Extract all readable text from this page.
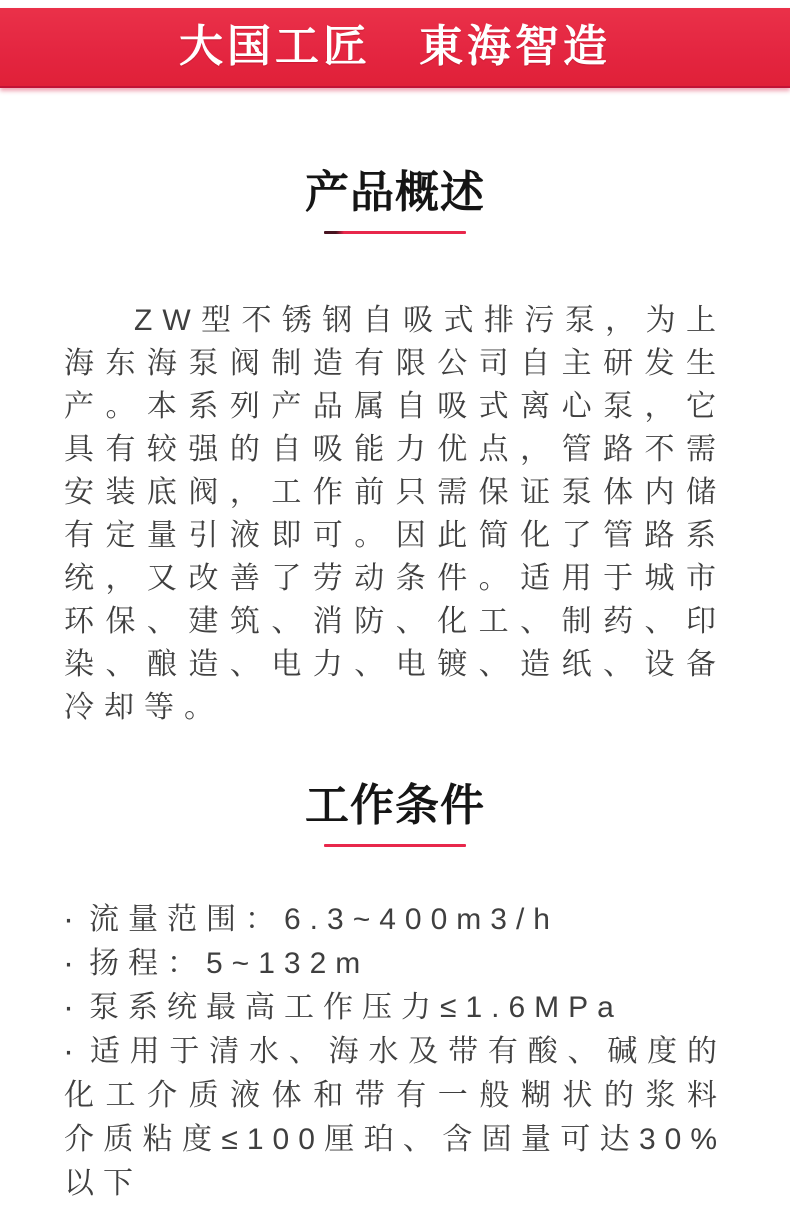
大国工匠　東海智造
产品概述

ZW型不锈钢自吸式排污泵，为上海东海泵阀制造有限公司自主研发生产。本系列产品属自吸式离心泵，它具有较强的自吸能力优点，管路不需安装底阀，工作前只需保证泵体内储有定量引液即可。因此简化了管路系统，又改善了劳动条件。适用于城市环保、建筑、消防、化工、制药、印染、酿造、电力、电镀、造纸、设备冷却等。

工作条件
· 流量范围：6.3~400m3/h
· 扬程：5~132m
· 泵系统最高工作压力≤1.6MPa
· 适用于清水、海水及带有酸、碱度的化工介质液体和带有一般糊状的浆料介质粘度≤100厘珀、含固量可达30%以下
